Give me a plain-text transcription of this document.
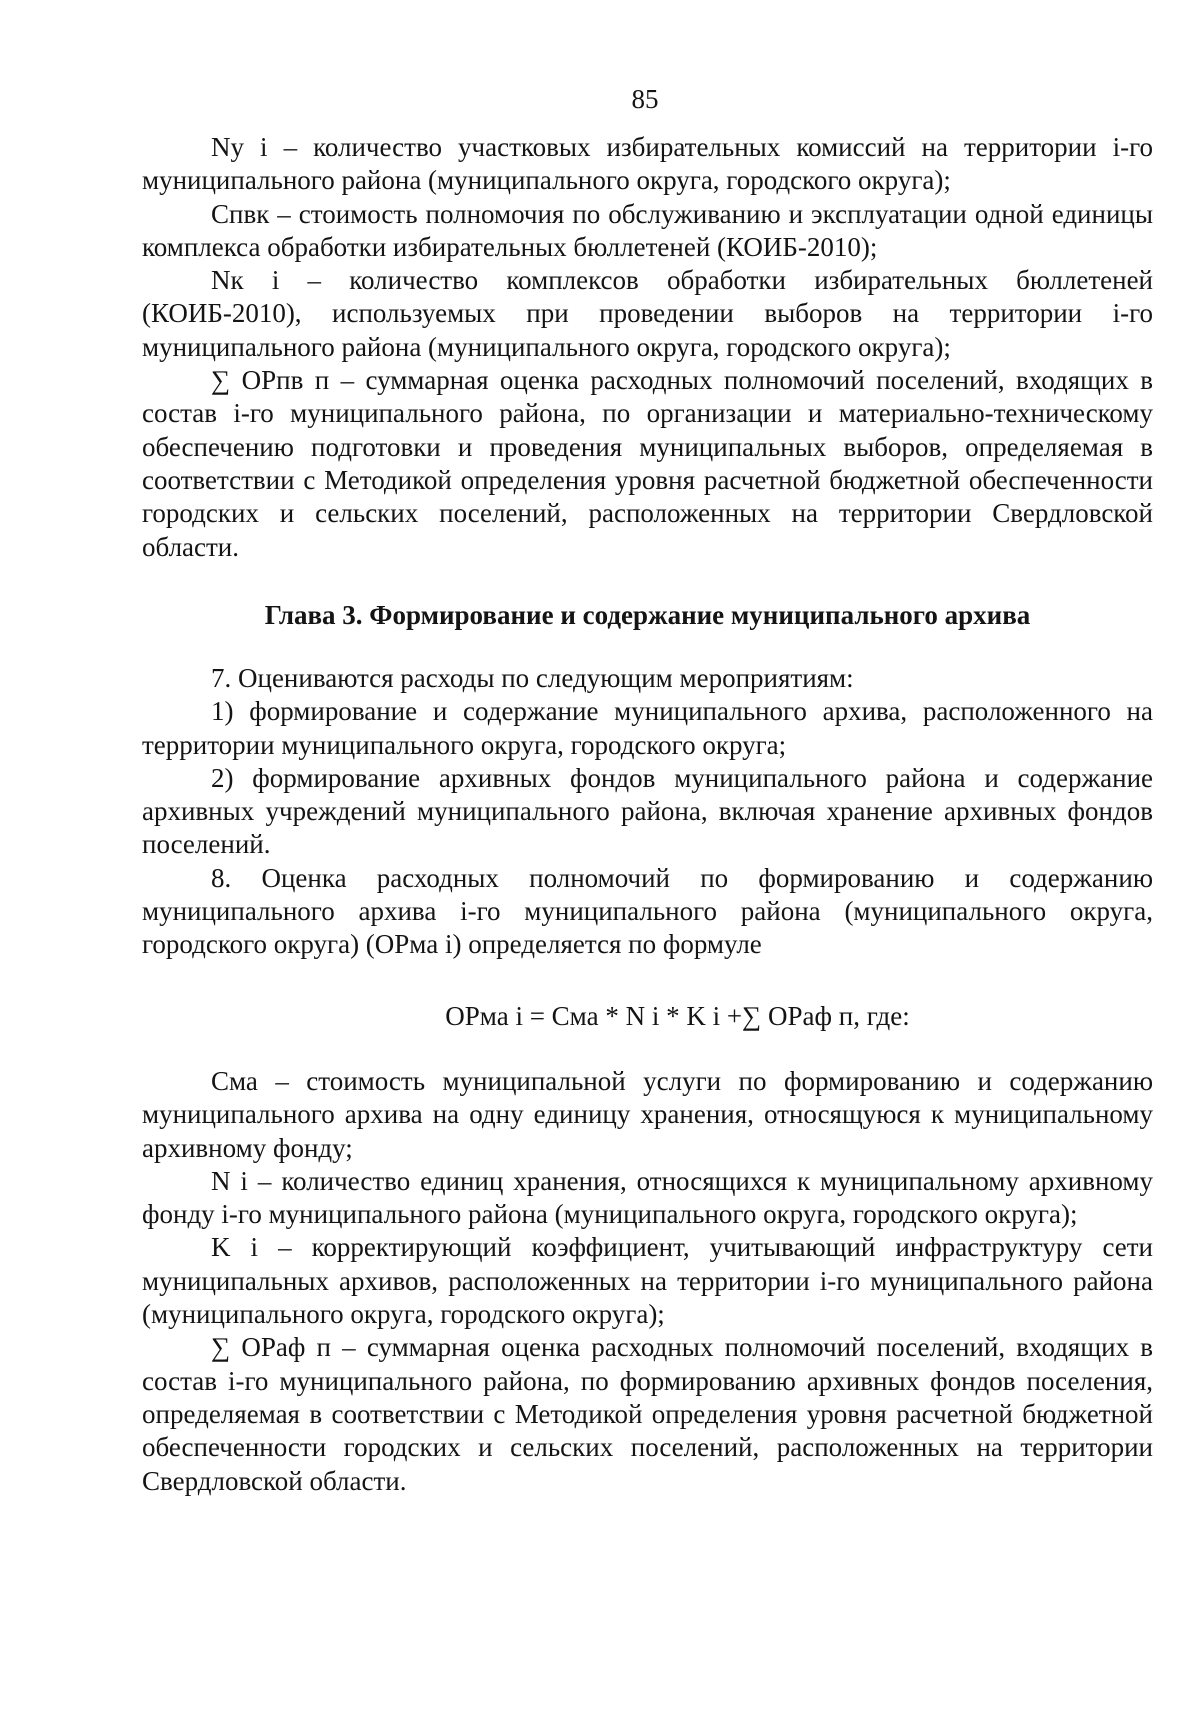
85

Nу i – количество участковых избирательных комиссий на территории i-го муниципального района (муниципального округа, городского округа);

Спвк – стоимость полномочия по обслуживанию и эксплуатации одной единицы комплекса обработки избирательных бюллетеней (КОИБ-2010);

Nк i – количество комплексов обработки избирательных бюллетеней (КОИБ-2010), используемых при проведении выборов на территории i-го муниципального района (муниципального округа, городского округа);

∑ ОРпв п – суммарная оценка расходных полномочий поселений, входящих в состав i-го муниципального района, по организации и материально-техническому обеспечению подготовки и проведения муниципальных выборов, определяемая в соответствии с Методикой определения уровня расчетной бюджетной обеспеченности городских и сельских поселений, расположенных на территории Свердловской области.

Глава 3. Формирование и содержание муниципального архива

7. Оцениваются расходы по следующим мероприятиям:

1) формирование и содержание муниципального архива, расположенного на территории муниципального округа, городского округа;

2) формирование архивных фондов муниципального района и содержание архивных учреждений муниципального района, включая хранение архивных фондов поселений.

8. Оценка расходных полномочий по формированию и содержанию муниципального архива i-го муниципального района (муниципального округа, городского округа) (ОРма i) определяется по формуле

ОРма i = Сма * N i * K i +∑ ОРаф п, где:

Сма – стоимость муниципальной услуги по формированию и содержанию муниципального архива на одну единицу хранения, относящуюся к муниципальному архивному фонду;

N i – количество единиц хранения, относящихся к муниципальному архивному фонду i-го муниципального района (муниципального округа, городского округа);

K i – корректирующий коэффициент, учитывающий инфраструктуру сети муниципальных архивов, расположенных на территории i-го муниципального района (муниципального округа, городского округа);

∑ ОРаф п – суммарная оценка расходных полномочий поселений, входящих в состав i-го муниципального района, по формированию архивных фондов поселения, определяемая в соответствии с Методикой определения уровня расчетной бюджетной обеспеченности городских и сельских поселений, расположенных на территории Свердловской области.
